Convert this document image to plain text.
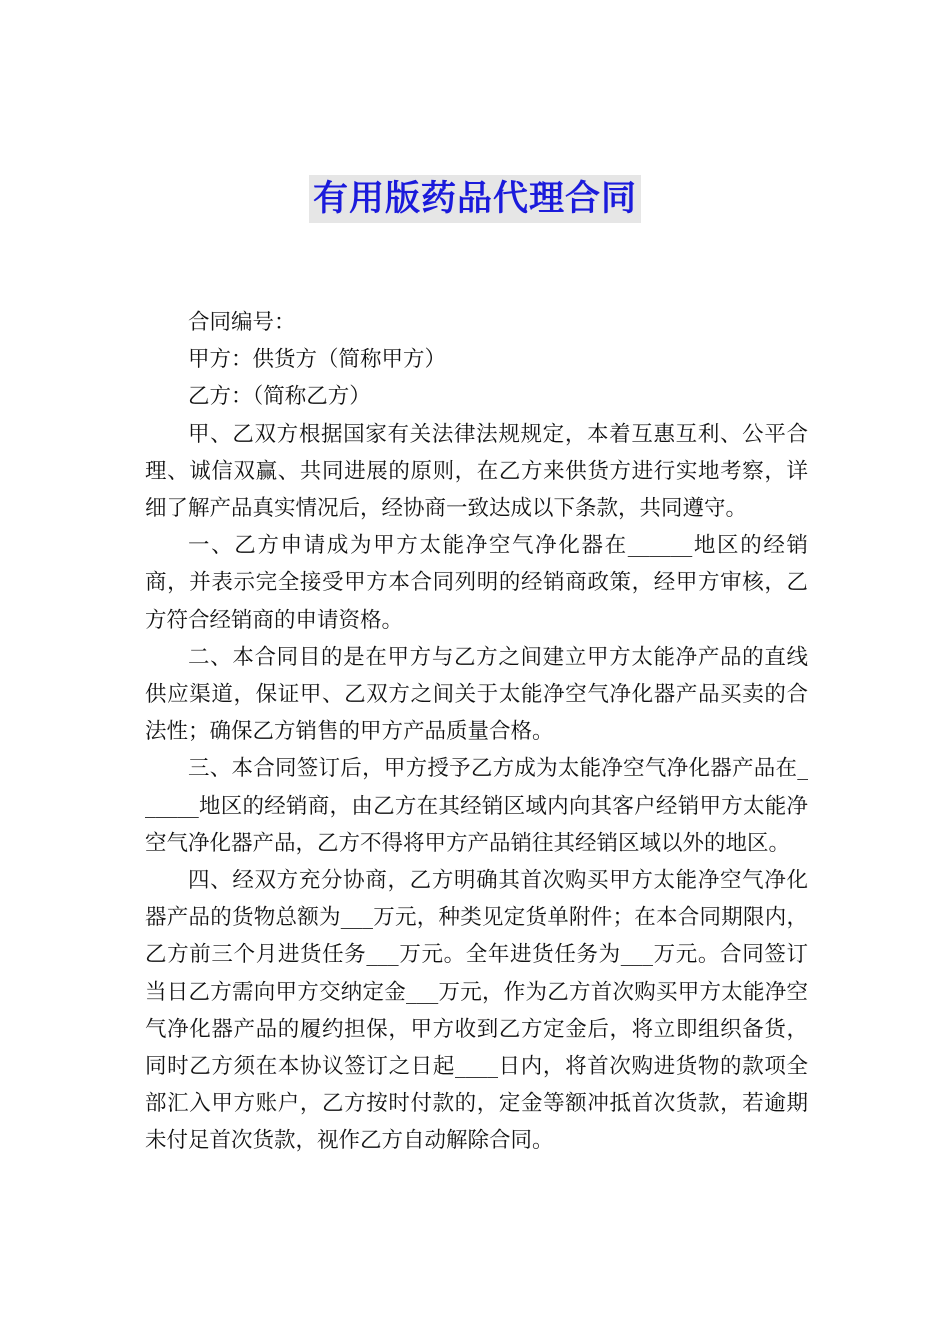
有用版药品代理合同

合同编号：

甲方：供货方（简称甲方）

乙方：（简称乙方）

甲、乙双方根据国家有关法律法规规定，本着互惠互利、公平合理、诚信双赢、共同进展的原则，在乙方来供货方进行实地考察，详细了解产品真实情况后，经协商一致达成以下条款，共同遵守。

一、乙方申请成为甲方太能净空气净化器在______地区的经销商，并表示完全接受甲方本合同列明的经销商政策，经甲方审核，乙方符合经销商的申请资格。

二、本合同目的是在甲方与乙方之间建立甲方太能净产品的直线供应渠道，保证甲、乙双方之间关于太能净空气净化器产品买卖的合法性；确保乙方销售的甲方产品质量合格。

三、本合同签订后，甲方授予乙方成为太能净空气净化器产品在______地区的经销商，由乙方在其经销区域内向其客户经销甲方太能净空气净化器产品，乙方不得将甲方产品销往其经销区域以外的地区。

四、经双方充分协商，乙方明确其首次购买甲方太能净空气净化器产品的货物总额为___万元，种类见定货单附件；在本合同期限内，乙方前三个月进货任务___万元。全年进货任务为___万元。合同签订当日乙方需向甲方交纳定金___万元，作为乙方首次购买甲方太能净空气净化器产品的履约担保，甲方收到乙方定金后，将立即组织备货，同时乙方须在本协议签订之日起____日内，将首次购进货物的款项全部汇入甲方账户，乙方按时付款的，定金等额冲抵首次货款，若逾期未付足首次货款，视作乙方自动解除合同。
